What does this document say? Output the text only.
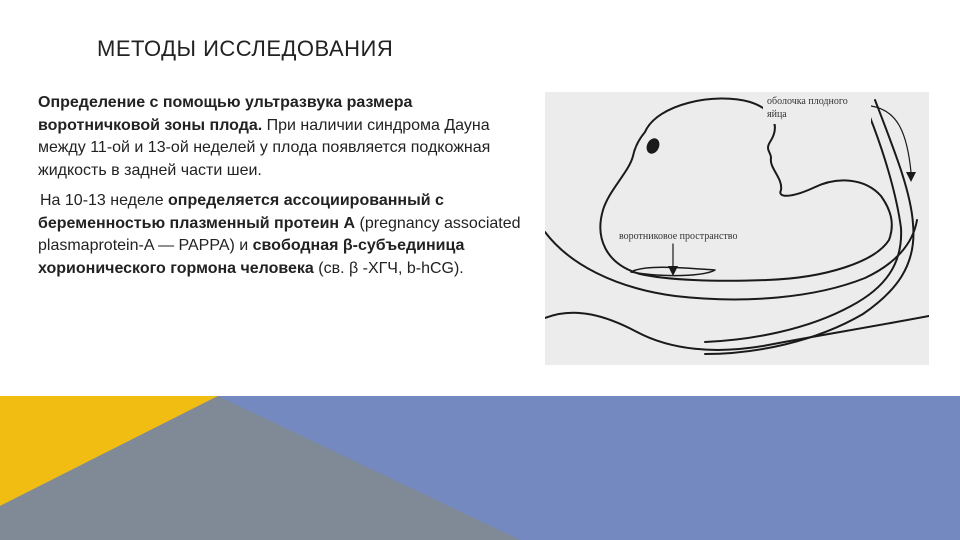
МЕТОДЫ ИССЛЕДОВАНИЯ

Определение с помощью ультразвука размера воротничковой зоны плода. При наличии синдрома Дауна между 11-ой и 13-ой неделей у плода появляется подкожная жидкость в задней части шеи.

На 10-13 неделе определяется ассоциированный с беременностью плазменный протеин А (pregnancy associated plasmaprotein-A — PAPPA) и свободная β-субъединица хорионического гормона человека (св. β -ХГЧ, b-hCG).

оболочка плодного
яйца
воротниковое пространство
